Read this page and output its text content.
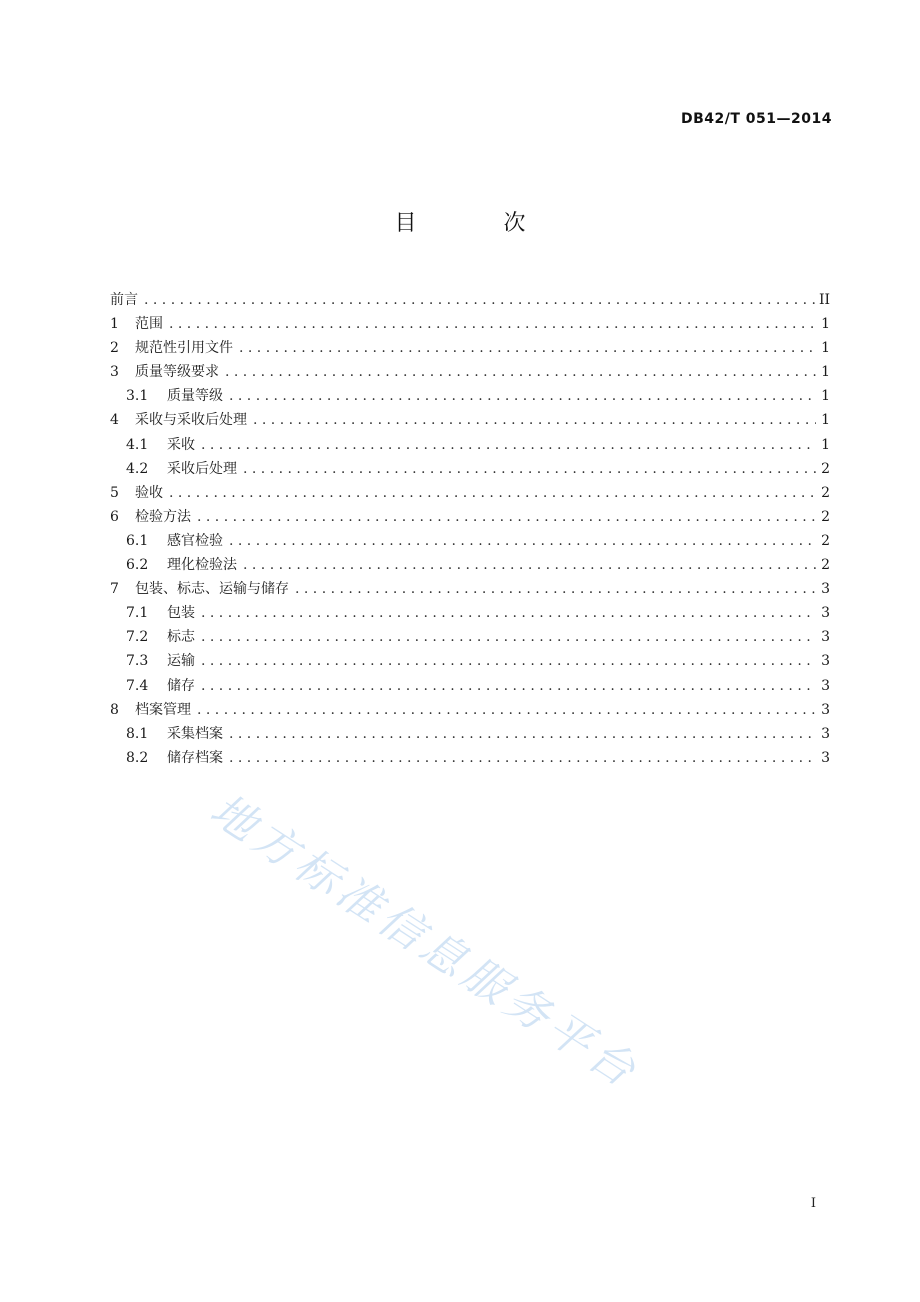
DB42/T 051—2014
目 次
前言 . . .	II
1	范围 . . .	1
2	规范性引用文件 . . .	1
3	质量等级要求 . . .	1
3.1	质量等级 . . .	1
4	采收与采收后处理 . . .	1
4.1	采收 . . .	1
4.2	采收后处理 . . .	2
5	验收 . . .	2
6	检验方法 . . .	2
6.1	感官检验 . . .	2
6.2	理化检验法 . . .	2
7	包装、标志、运输与储存 . . .	3
7.1	包装 . . .	3
7.2	标志 . . .	3
7.3	运输 . . .	3
7.4	储存 . . .	3
8	档案管理 . . .	3
8.1	采集档案 . . .	3
8.2	储存档案 . . .	3
地方标准信息服务平台
I
